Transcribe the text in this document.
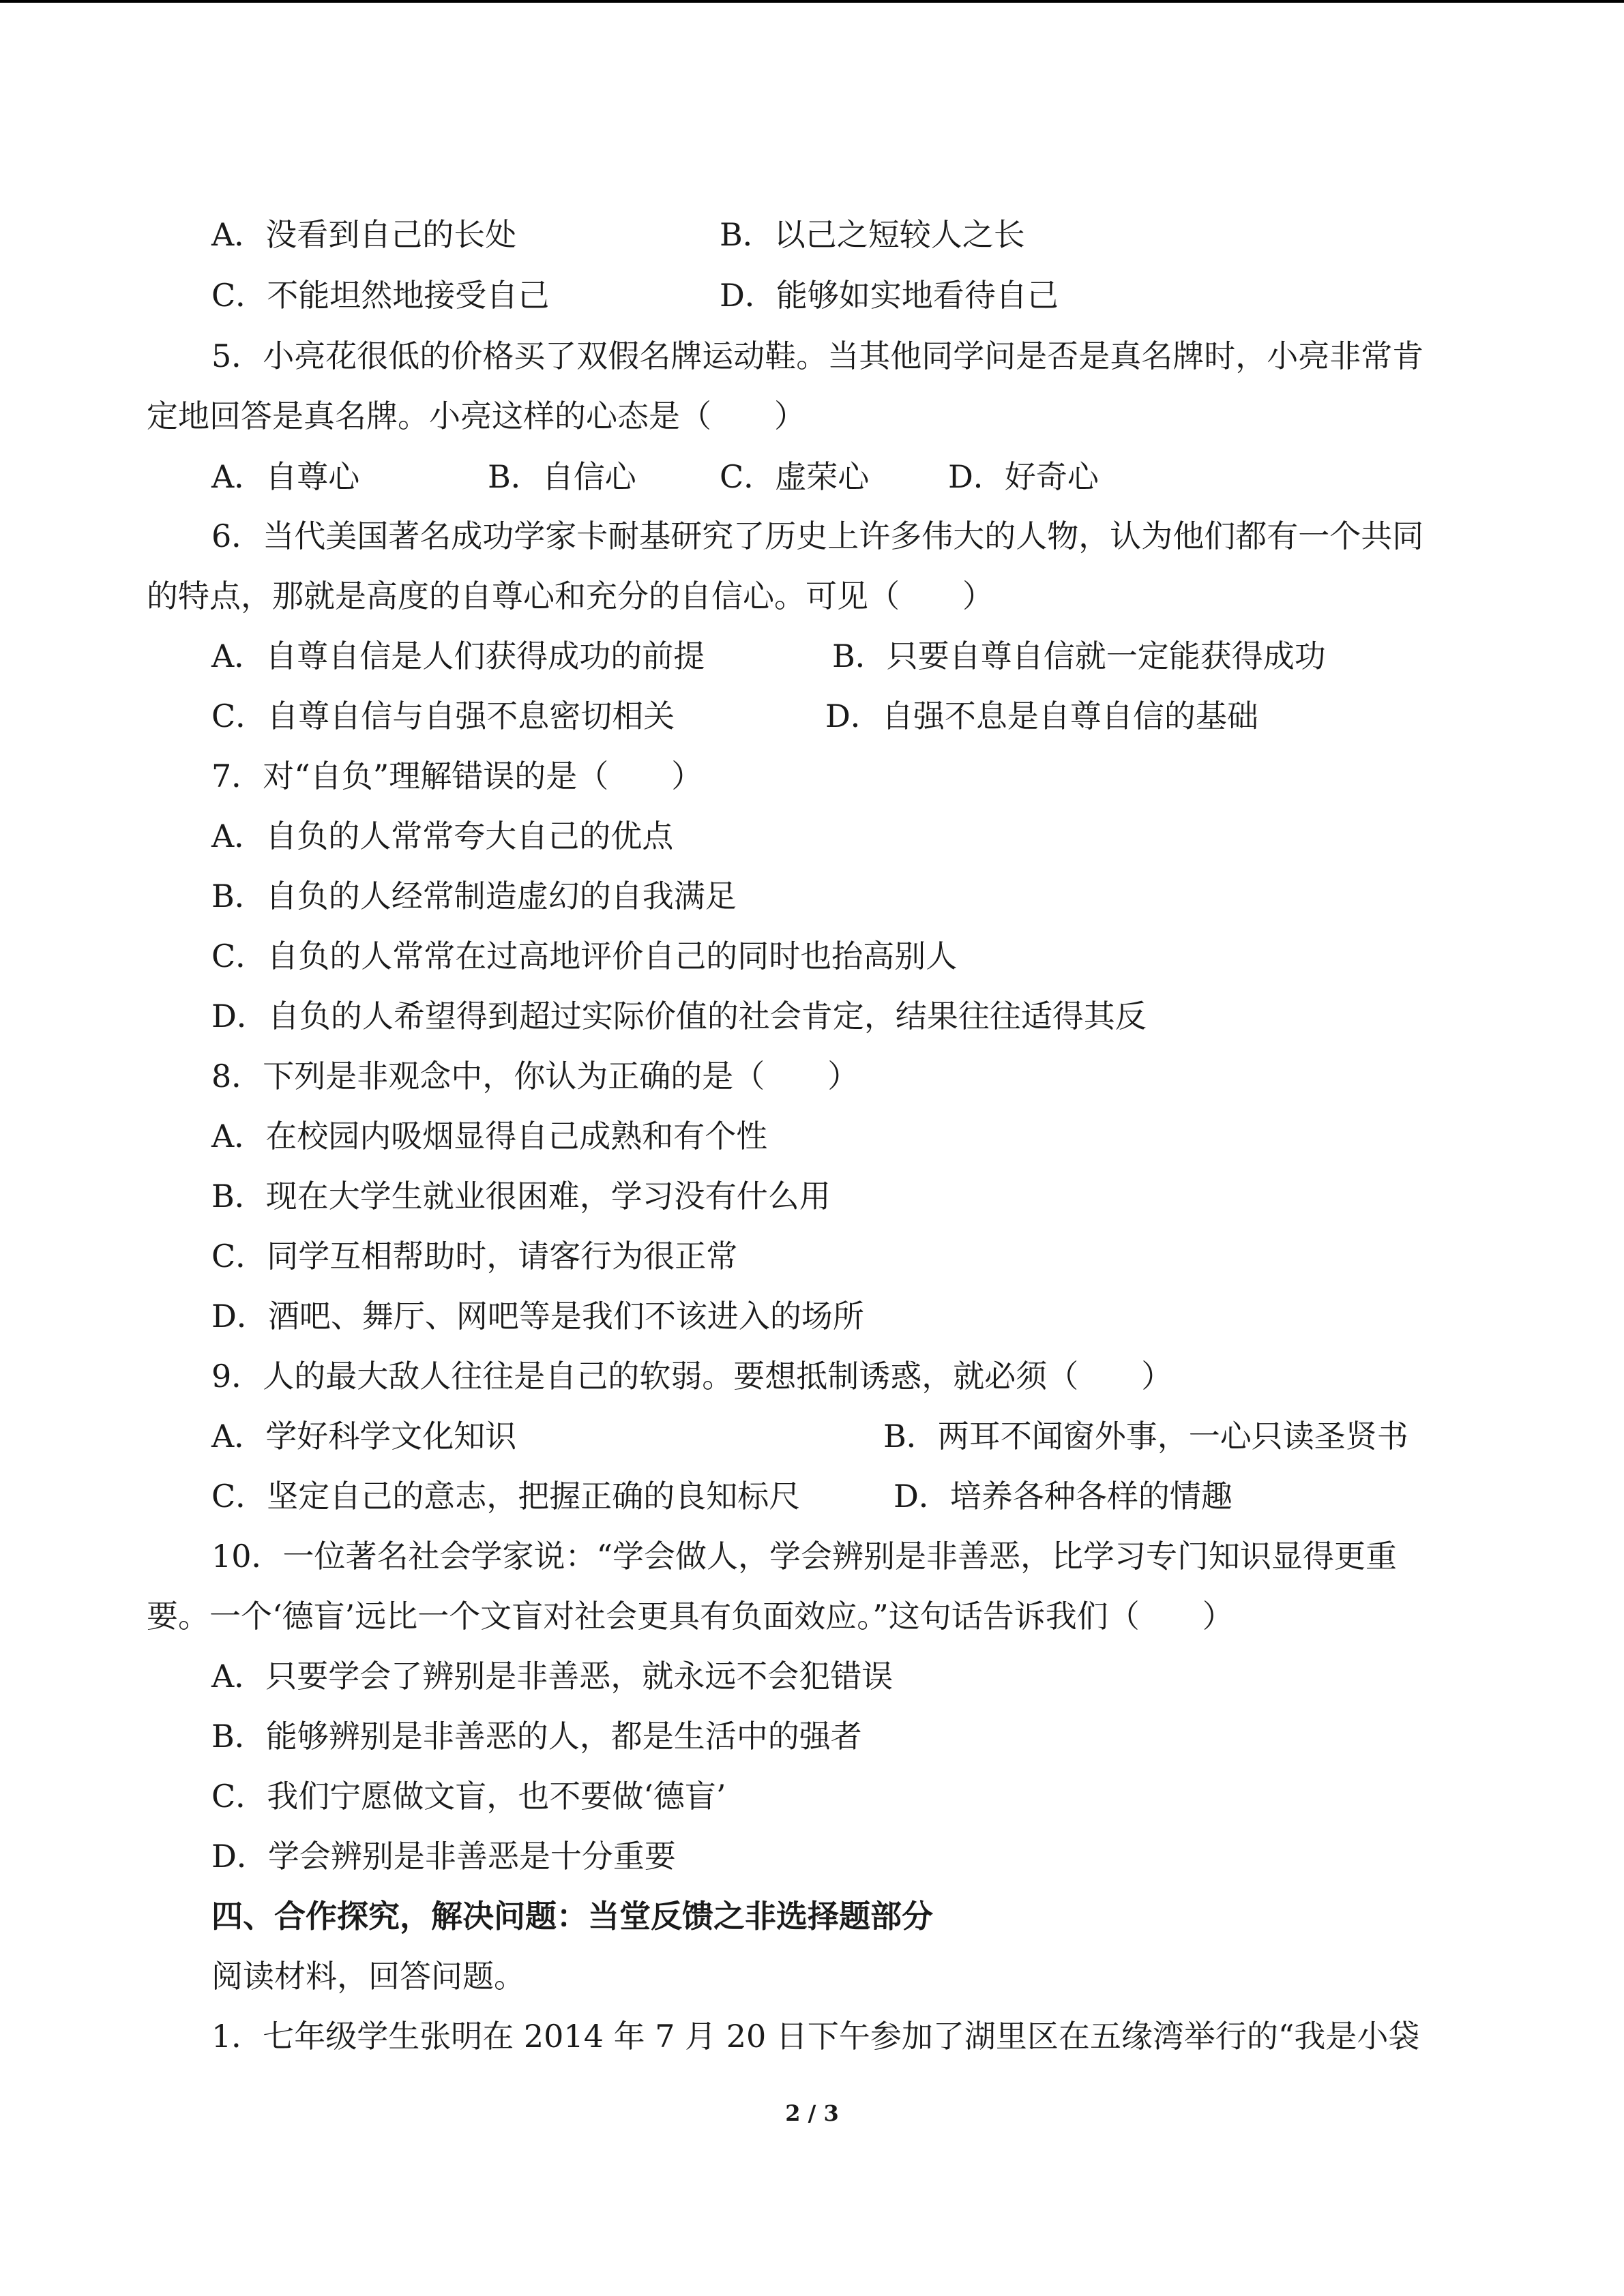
A．没看到自己的长处	B．以己之短较人之长
C．不能坦然地接受自己	D．能够如实地看待自己
5．小亮花很低的价格买了双假名牌运动鞋。当其他同学问是否是真名牌时，小亮非常肯
定地回答是真名牌。小亮这样的心态是（　　）
A．自尊心	B．自信心	C．虚荣心	D．好奇心
6．当代美国著名成功学家卡耐基研究了历史上许多伟大的人物，认为他们都有一个共同
的特点，那就是高度的自尊心和充分的自信心。可见（　　）
A．自尊自信是人们获得成功的前提	B．只要自尊自信就一定能获得成功
C．自尊自信与自强不息密切相关	D．自强不息是自尊自信的基础
7．对“自负”理解错误的是（　　）
A．自负的人常常夸大自己的优点
B．自负的人经常制造虚幻的自我满足
C．自负的人常常在过高地评价自己的同时也抬高别人
D．自负的人希望得到超过实际价值的社会肯定，结果往往适得其反
8．下列是非观念中，你认为正确的是（　　）
A．在校园内吸烟显得自己成熟和有个性
B．现在大学生就业很困难，学习没有什么用
C．同学互相帮助时，请客行为很正常
D．酒吧、舞厅、网吧等是我们不该进入的场所
9．人的最大敌人往往是自己的软弱。要想抵制诱惑，就必须（　　）
A．学好科学文化知识	B．两耳不闻窗外事，一心只读圣贤书
C．坚定自己的意志，把握正确的良知标尺	D．培养各种各样的情趣
10．一位著名社会学家说：“学会做人，学会辨别是非善恶，比学习专门知识显得更重
要。一个‘德盲’远比一个文盲对社会更具有负面效应。”这句话告诉我们（　　）
A．只要学会了辨别是非善恶，就永远不会犯错误
B．能够辨别是非善恶的人，都是生活中的强者
C．我们宁愿做文盲，也不要做‘德盲’
D．学会辨别是非善恶是十分重要
四、合作探究，解决问题：当堂反馈之非选择题部分
阅读材料，回答问题。
1．七年级学生张明在 2014 年 7 月 20 日下午参加了湖里区在五缘湾举行的“我是小袋
2 / 3
